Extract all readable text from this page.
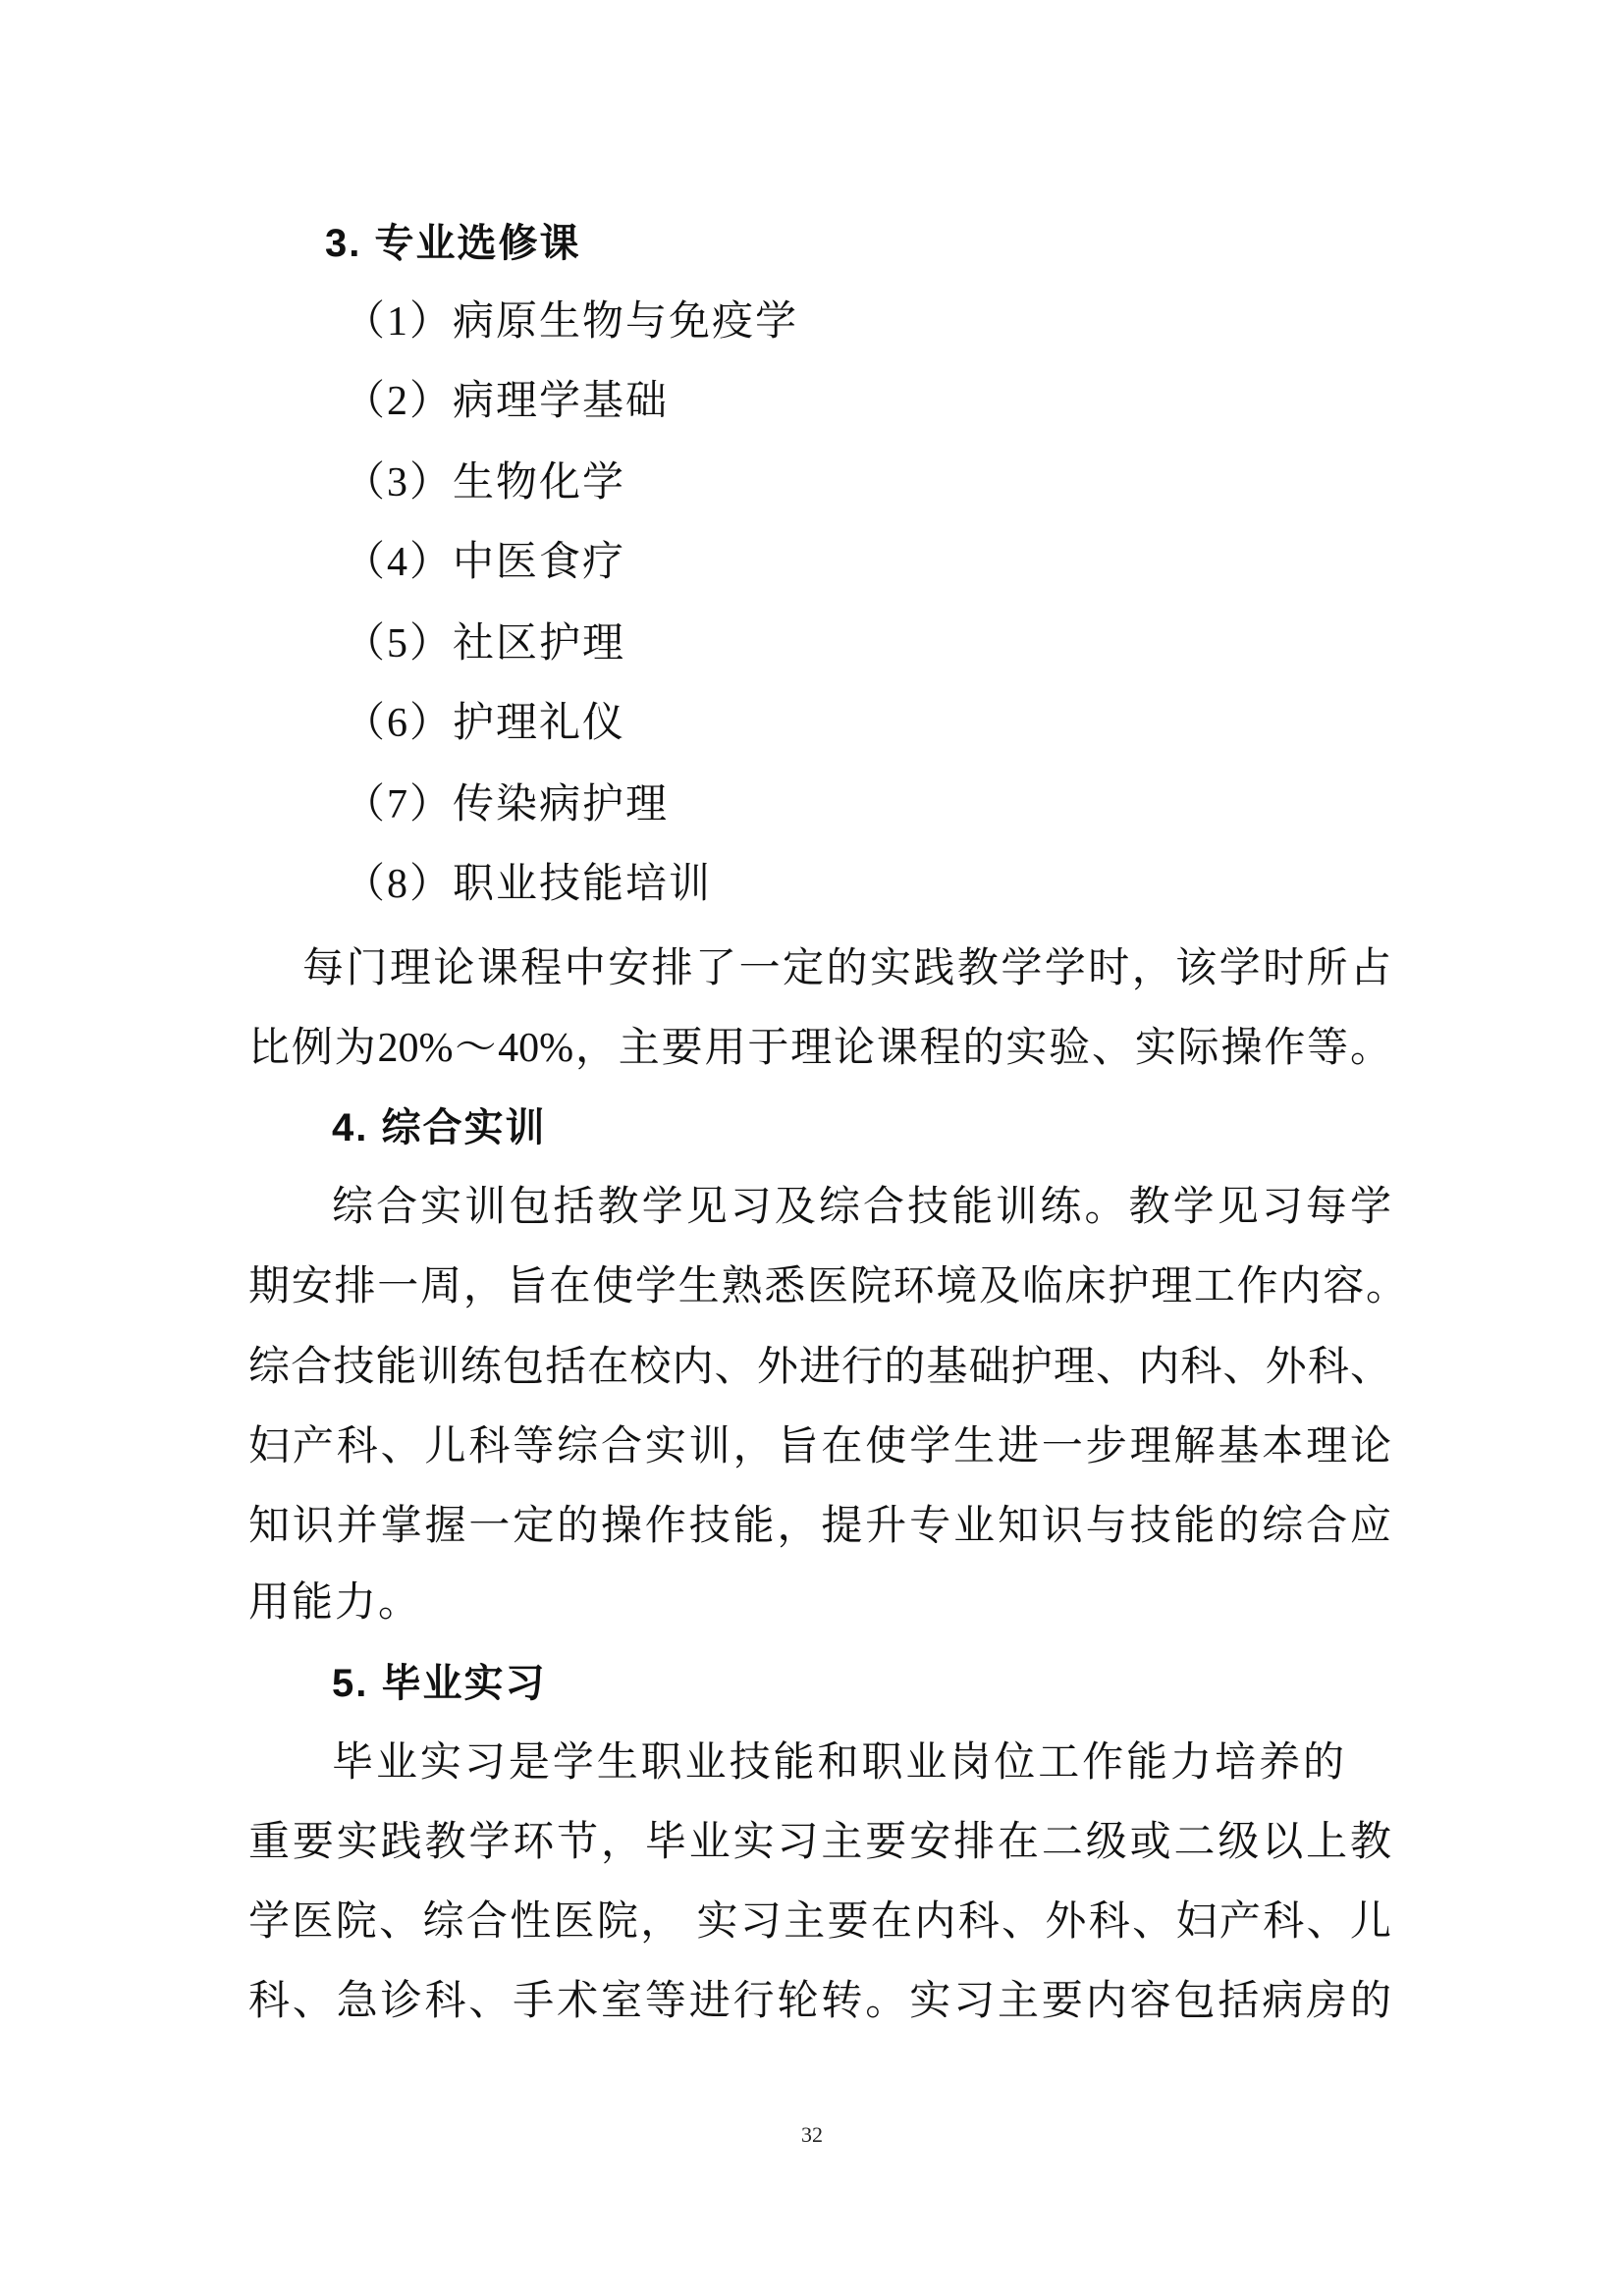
3. 专业选修课
（1）病原生物与免疫学
（2）病理学基础
（3）生物化学
（4）中医食疗
（5）社区护理
（6）护理礼仪
（7）传染病护理
（8）职业技能培训
每门理论课程中安排了一定的实践教学学时，该学时所占
比例为20%～40%，主要用于理论课程的实验、实际操作等。
4. 综合实训
综合实训包括教学见习及综合技能训练。教学见习每学
期安排一周，旨在使学生熟悉医院环境及临床护理工作内容。
综合技能训练包括在校内、外进行的基础护理、内科、外科、
妇产科、儿科等综合实训，旨在使学生进一步理解基本理论
知识并掌握一定的操作技能，提升专业知识与技能的综合应
用能力。
5. 毕业实习
毕业实习是学生职业技能和职业岗位工作能力培养的
重要实践教学环节，毕业实习主要安排在二级或二级以上教
学医院、综合性医院， 实习主要在内科、外科、妇产科、儿
科、急诊科、手术室等进行轮转。实习主要内容包括病房的
32
